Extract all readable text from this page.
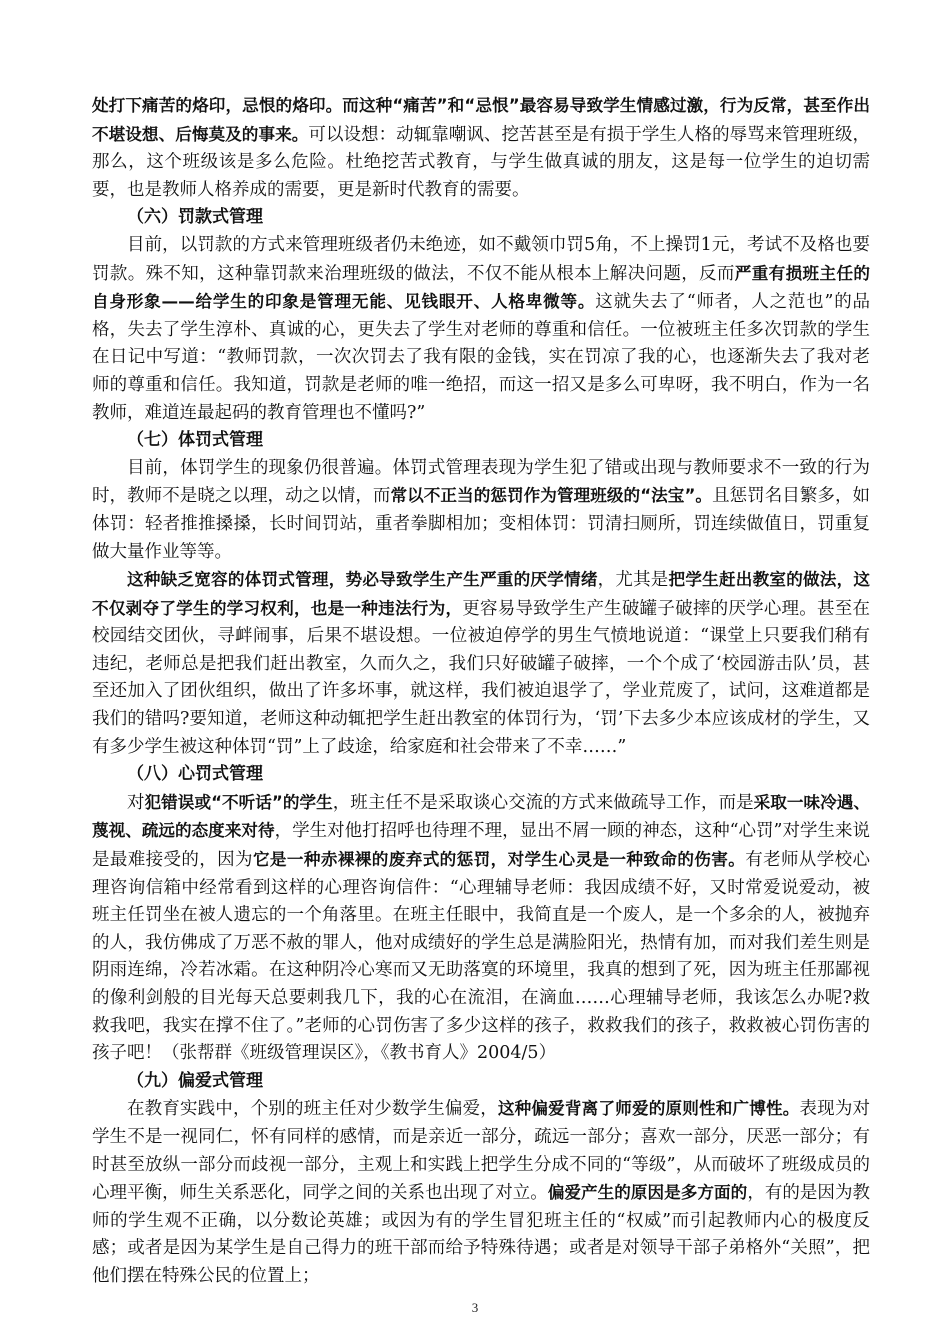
处打下痛苦的烙印，忌恨的烙印。而这种“痛苦”和“忌恨”最容易导致学生情感过激，行为反常，甚至作出不堪设想、后悔莫及的事来。可以设想：动辄靠嘲讽、挖苦甚至是有损于学生人格的辱骂来管理班级，那么，这个班级该是多么危险。杜绝挖苦式教育，与学生做真诚的朋友，这是每一位学生的迫切需要，也是教师人格养成的需要，更是新时代教育的需要。

（六）罚款式管理

目前，以罚款的方式来管理班级者仍未绝迹，如不戴领巾罚5角，不上操罚1元，考试不及格也要罚款。殊不知，这种靠罚款来治理班级的做法，不仅不能从根本上解决问题，反而严重有损班主任的自身形象——给学生的印象是管理无能、见钱眼开、人格卑微等。这就失去了“师者，人之范也”的品格，失去了学生淳朴、真诚的心，更失去了学生对老师的尊重和信任。一位被班主任多次罚款的学生在日记中写道：“教师罚款，一次次罚去了我有限的金钱，实在罚凉了我的心，也逐渐失去了我对老师的尊重和信任。我知道，罚款是老师的唯一绝招，而这一招又是多么可卑呀，我不明白，作为一名教师，难道连最起码的教育管理也不懂吗?”

（七）体罚式管理

目前，体罚学生的现象仍很普遍。体罚式管理表现为学生犯了错或出现与教师要求不一致的行为时，教师不是晓之以理，动之以情，而常以不正当的惩罚作为管理班级的“法宝”。且惩罚名目繁多，如体罚：轻者推推搡搡，长时间罚站，重者拳脚相加；变相体罚：罚清扫厕所，罚连续做值日，罚重复做大量作业等等。

这种缺乏宽容的体罚式管理，势必导致学生产生严重的厌学情绪，尤其是把学生赶出教室的做法，这不仅剥夺了学生的学习权利，也是一种违法行为，更容易导致学生产生破罐子破摔的厌学心理。甚至在校园结交团伙，寻衅闹事，后果不堪设想。一位被迫停学的男生气愤地说道：“课堂上只要我们稍有违纪，老师总是把我们赶出教室，久而久之，我们只好破罐子破摔，一个个成了‘校园游击队’员，甚至还加入了团伙组织，做出了许多坏事，就这样，我们被迫退学了，学业荒废了，试问，这难道都是我们的错吗?要知道，老师这种动辄把学生赶出教室的体罚行为，‘罚’下去多少本应该成材的学生，又有多少学生被这种体罚“罚”上了歧途，给家庭和社会带来了不幸……”

（八）心罚式管理

对犯错误或“不听话”的学生，班主任不是采取谈心交流的方式来做疏导工作，而是采取一味冷遇、蔑视、疏远的态度来对待，学生对他打招呼也待理不理，显出不屑一顾的神态，这种“心罚”对学生来说是最难接受的，因为它是一种赤裸裸的废弃式的惩罚，对学生心灵是一种致命的伤害。有老师从学校心理咨询信箱中经常看到这样的心理咨询信件：“心理辅导老师：我因成绩不好，又时常爱说爱动，被班主任罚坐在被人遗忘的一个角落里。在班主任眼中，我简直是一个废人，是一个多余的人，被抛弃的人，我仿佛成了万恶不赦的罪人，他对成绩好的学生总是满脸阳光，热情有加，而对我们差生则是阴雨连绵，冷若冰霜。在这种阴冷心寒而又无助落寞的环境里，我真的想到了死，因为班主任那鄙视的像利剑般的目光每天总要刺我几下，我的心在流泪，在滴血……心理辅导老师，我该怎么办呢?救救我吧，我实在撑不住了。”老师的心罚伤害了多少这样的孩子，救救我们的孩子，救救被心罚伤害的孩子吧！（张帮群《班级管理误区》，《教书育人》2004/5）

（九）偏爱式管理

在教育实践中，个别的班主任对少数学生偏爱，这种偏爱背离了师爱的原则性和广博性。表现为对学生不是一视同仁，怀有同样的感情，而是亲近一部分，疏远一部分；喜欢一部分，厌恶一部分；有时甚至放纵一部分而歧视一部分，主观上和实践上把学生分成不同的“等级”，从而破坏了班级成员的心理平衡，师生关系恶化，同学之间的关系也出现了对立。偏爱产生的原因是多方面的，有的是因为教师的学生观不正确，以分数论英雄；或因为有的学生冒犯班主任的“权威”而引起教师内心的极度反感；或者是因为某学生是自己得力的班干部而给予特殊待遇；或者是对领导干部子弟格外“关照”，把他们摆在特殊公民的位置上；

3
